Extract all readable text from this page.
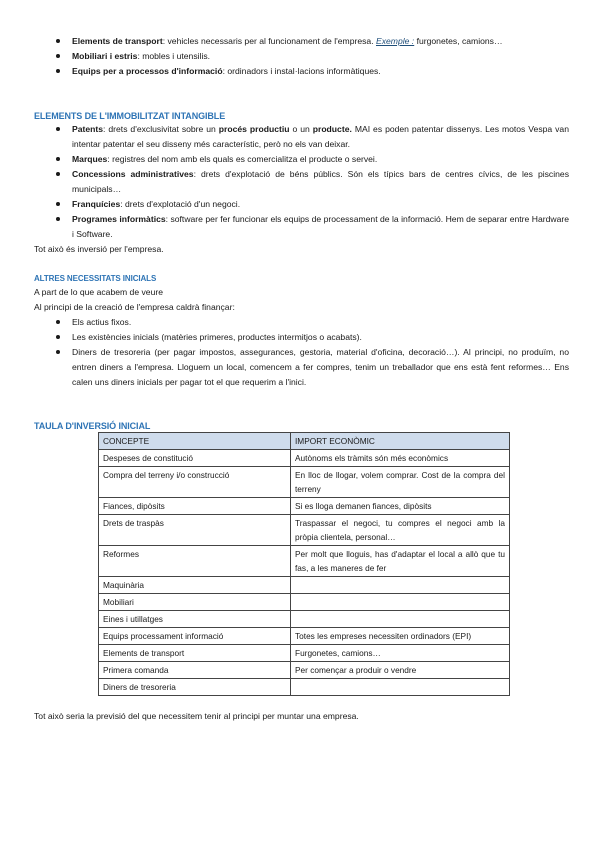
Elements de transport: vehicles necessaris per al funcionament de l'empresa. Exemple : furgonetes, camions…
Mobiliari i estris: mobles i utensilis.
Equips per a processos d'informació: ordinadors i instal·lacions informàtiques.
ELEMENTS DE L'IMMOBILITZAT INTANGIBLE
Patents: drets d'exclusivitat sobre un procés productiu o un producte. MAI es poden patentar dissenys. Les motos Vespa van intentar patentar el seu disseny més característic, però no els van deixar.
Marques: registres del nom amb els quals es comercialitza el producte o servei.
Concessions administratives: drets d'explotació de béns públics. Són els típics bars de centres cívics, de les piscines municipals…
Franquícies: drets d'explotació d'un negoci.
Programes informàtics: software per fer funcionar els equips de processament de la informació. Hem de separar entre Hardware i Software.

Tot això és inversió per l'empresa.

ALTRES NECESSITATS INICIALS

A part de lo que acabem de veure

Al principi de la creació de l'empresa caldrà finançar:

Els actius fixos.
Les existències inicials (matèries primeres, productes intermitjos o acabats).
Diners de tresoreria (per pagar impostos, assegurances, gestoria, material d'oficina, decoració…). Al principi, no produïm, no entren diners a l'empresa. Lloguem un local, comencem a fer compres, tenim un treballador que ens està fent reformes… Ens calen uns diners inicials per pagar tot el que requerim a l'inici.
TAULA D'INVERSIÓ INICIAL
CONCEPTE	IMPORT ECONÒMIC
Despeses de constitució	Autònoms els tràmits són més econòmics
Compra del terreny i/o construcció	En lloc de llogar, volem comprar. Cost de la compra del terreny
Fiances, dipòsits	Si es lloga demanen fiances, dipòsits
Drets de traspàs	Traspassar el negoci, tu compres el negoci amb la pròpia clientela, personal…
Reformes	Per molt que lloguis, has d'adaptar el local a allò que tu fas, a les maneres de fer
Maquinària	
Mobiliari	
Eines i utillatges	
Equips processament informació	Totes les empreses necessiten ordinadors (EPI)
Elements de transport	Furgonetes, camions…
Primera comanda	Per començar a produir o vendre
Diners de tresoreria	

Tot això seria la previsió del que necessitem tenir al principi per muntar una empresa.
